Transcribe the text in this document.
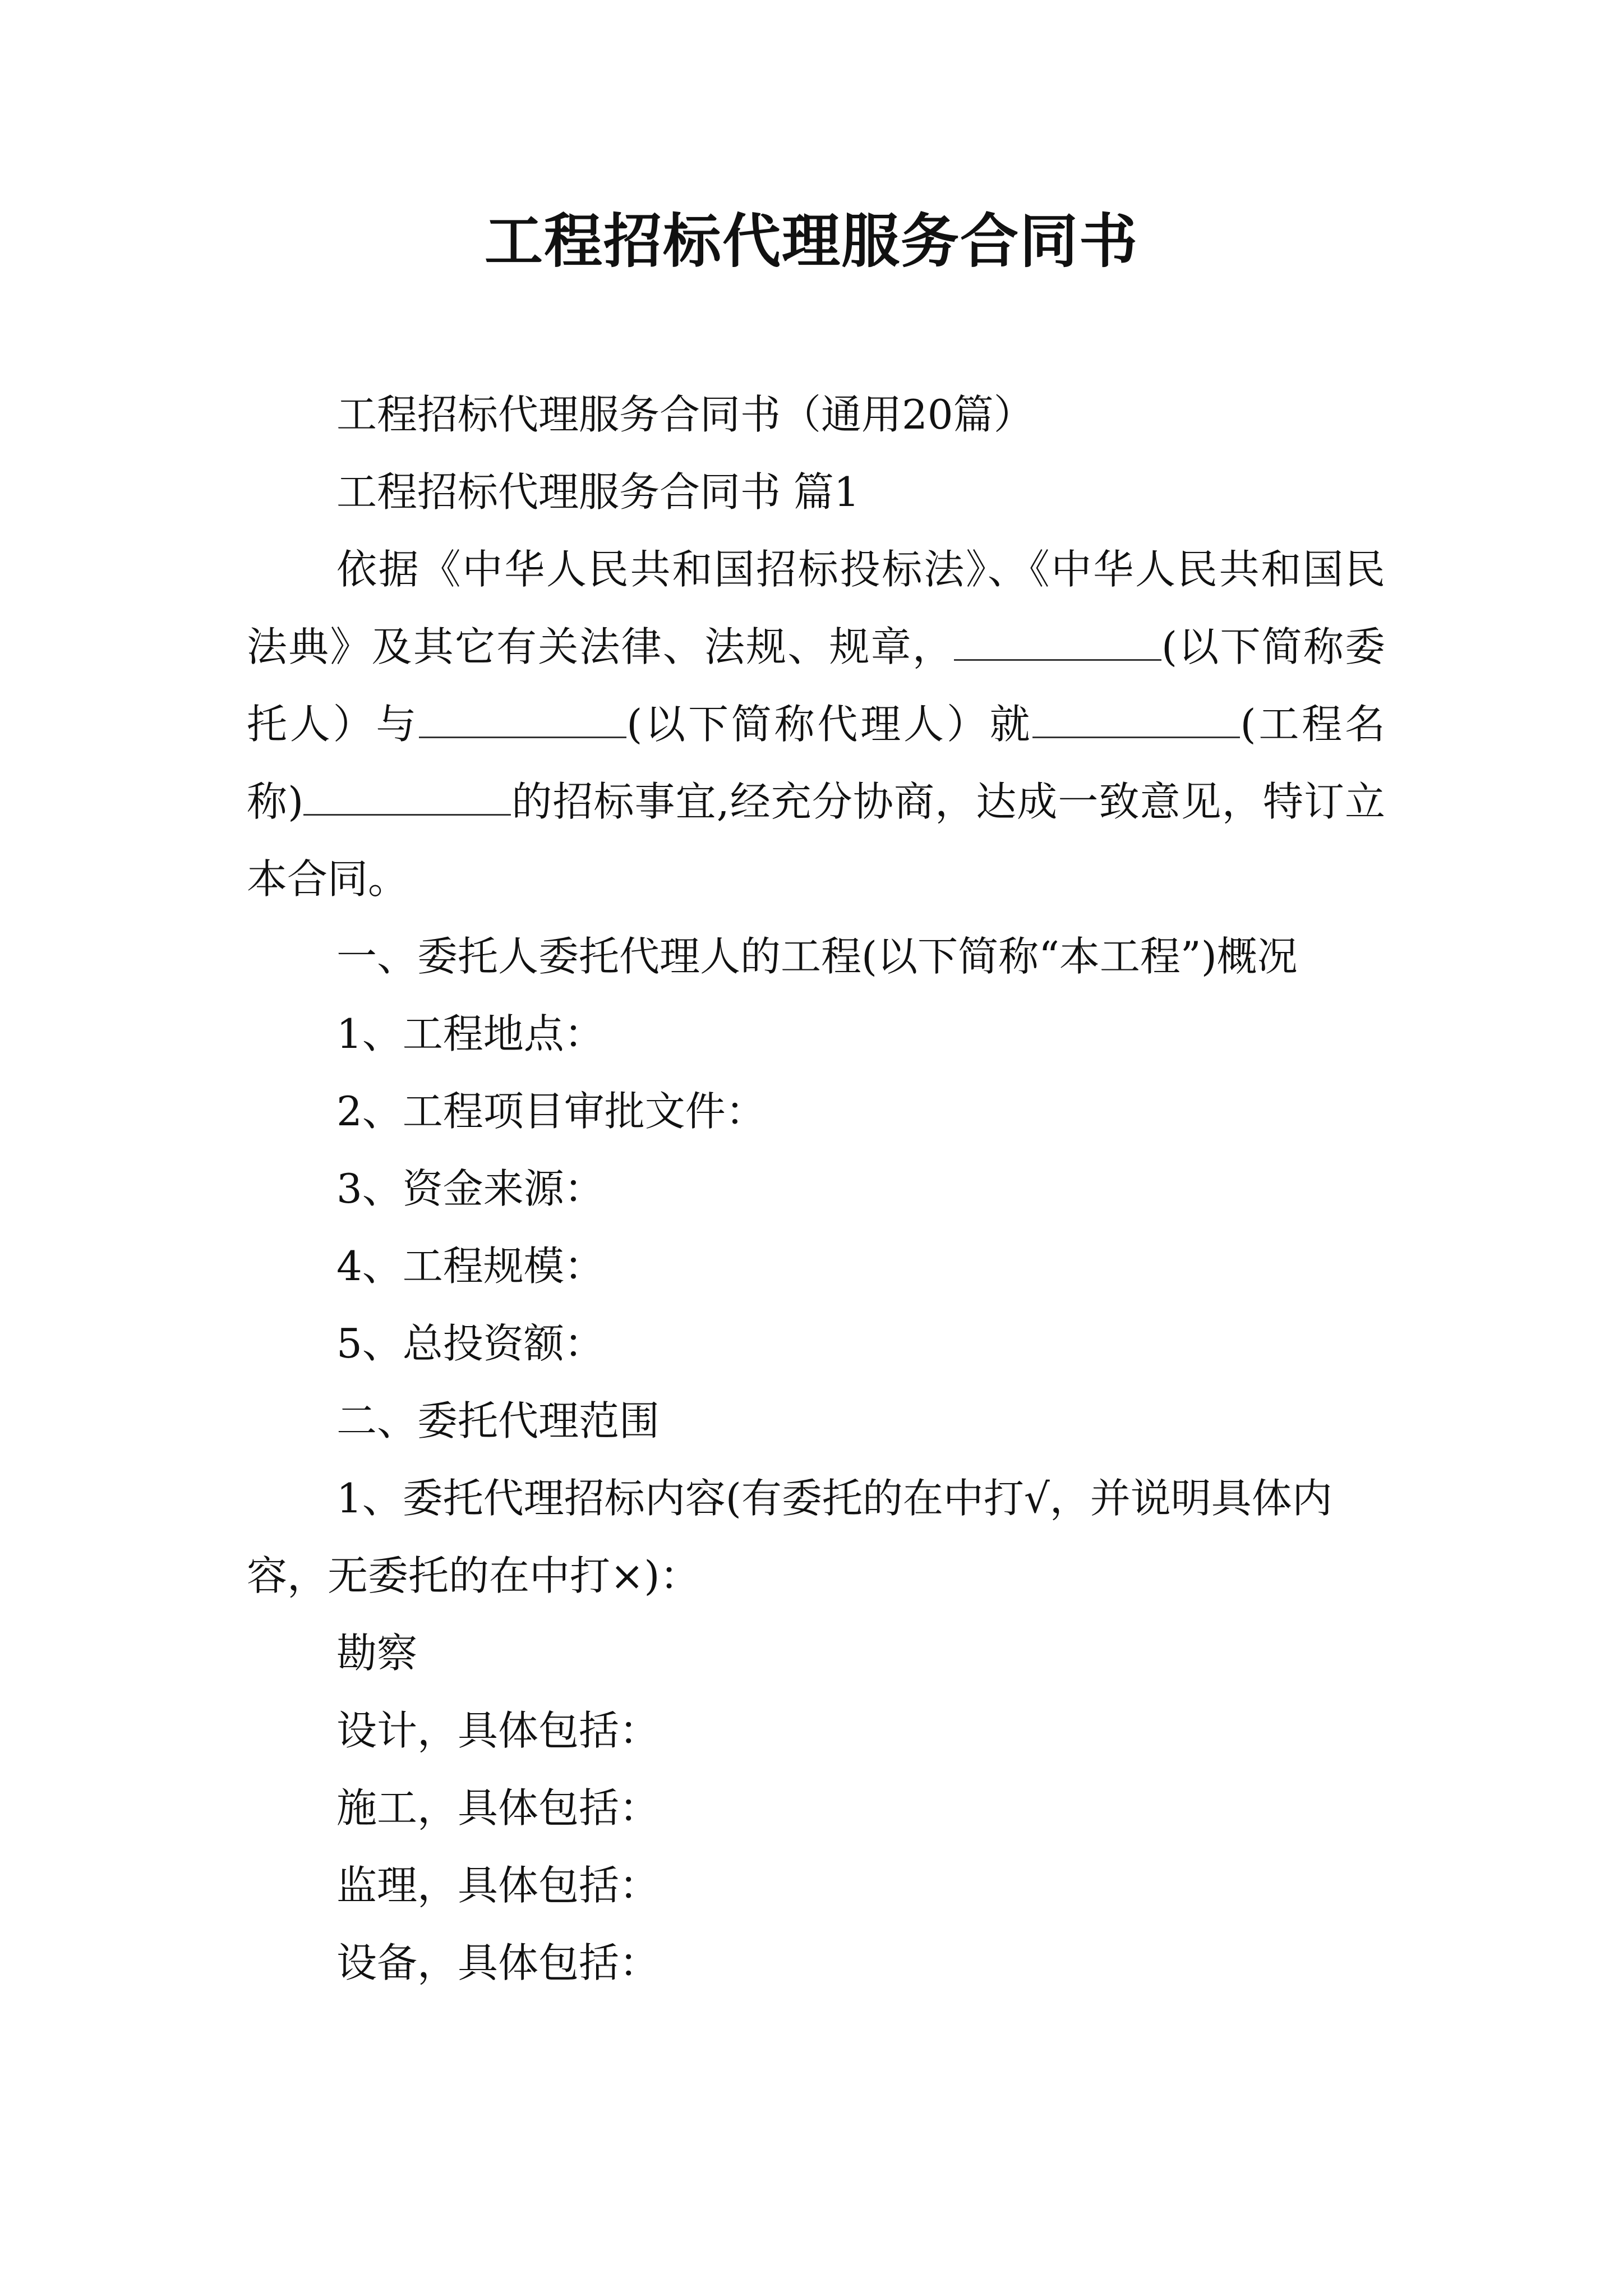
工程招标代理服务合同书

工程招标代理服务合同书（通用20篇）

工程招标代理服务合同书 篇1

依据《中华人民共和国招标投标法》、《中华人民共和国民法典》及其它有关法律、法规、规章，	(以下简称委托人）与	(以下简称代理人）就	(工程名称)	的招标事宜,经充分协商，达成一致意见，特订立本合同。

一、委托人委托代理人的工程(以下简称“本工程”)概况

1、工程地点：

2、工程项目审批文件：

3、资金来源：

4、工程规模：

5、总投资额：

二、委托代理范围

1、委托代理招标内容(有委托的在中打√，并说明具体内容，无委托的在中打×)：

勘察

设计，具体包括：

施工，具体包括：

监理，具体包括：

设备，具体包括：
